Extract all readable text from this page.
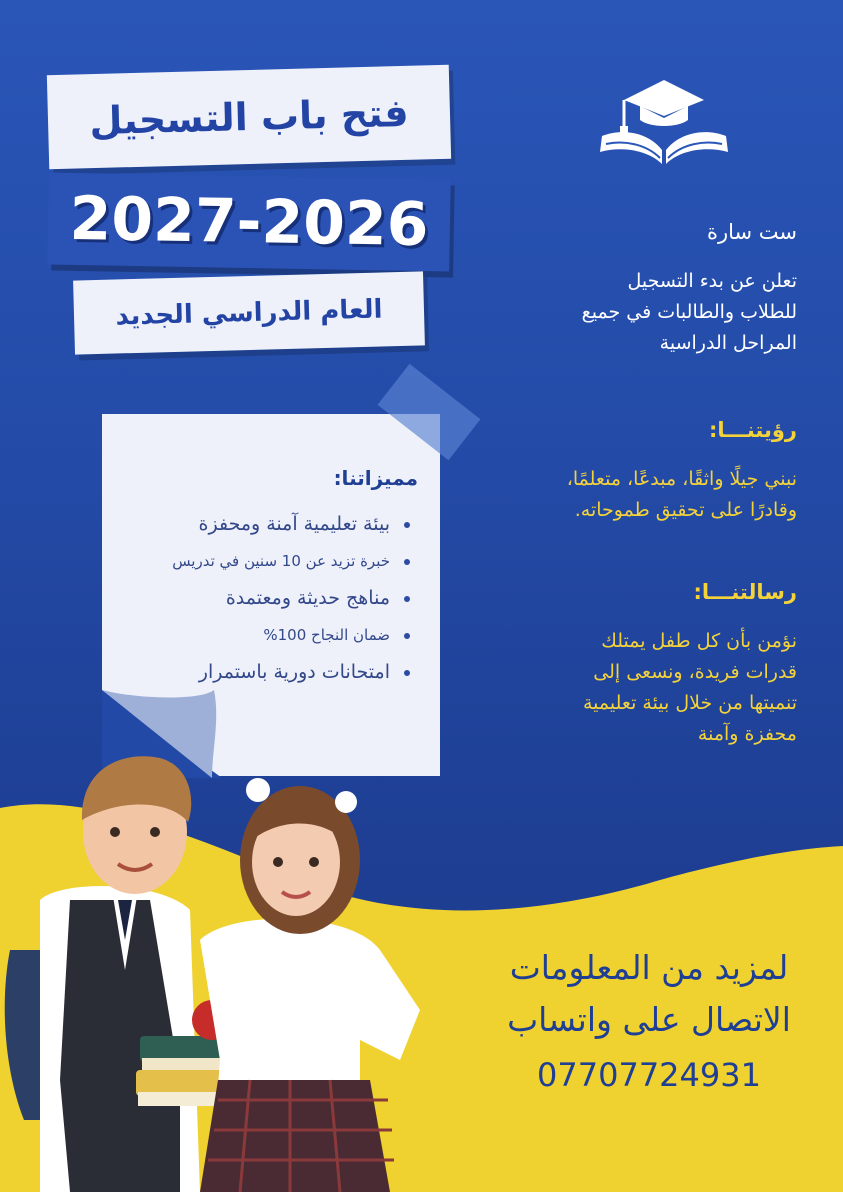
فتح باب التسجيل
2027-2026
العام الدراسي الجديد
ست سارة
تعلن عن بدء التسجيل
للطلاب والطالبات في جميع
المراحل الدراسية
رؤيتنـــا:
نبني جيلًا واثقًا، مبدعًا، متعلمًا،
وقادرًا على تحقيق طموحاته.
رسالتنـــا:
نؤمن بأن كل طفل يمتلك
قدرات فريدة، ونسعى إلى
تنميتها من خلال بيئة تعليمية
محفزة وآمنة
مميزاتنا:
بيئة تعليمية آمنة ومحفزة
خبرة تزيد عن 10 سنين في تدريس
مناهج حديثة ومعتمدة
ضمان النجاح 100%
امتحانات دورية باستمرار
لمزيد من المعلومات
الاتصال على واتساب
07707724931
